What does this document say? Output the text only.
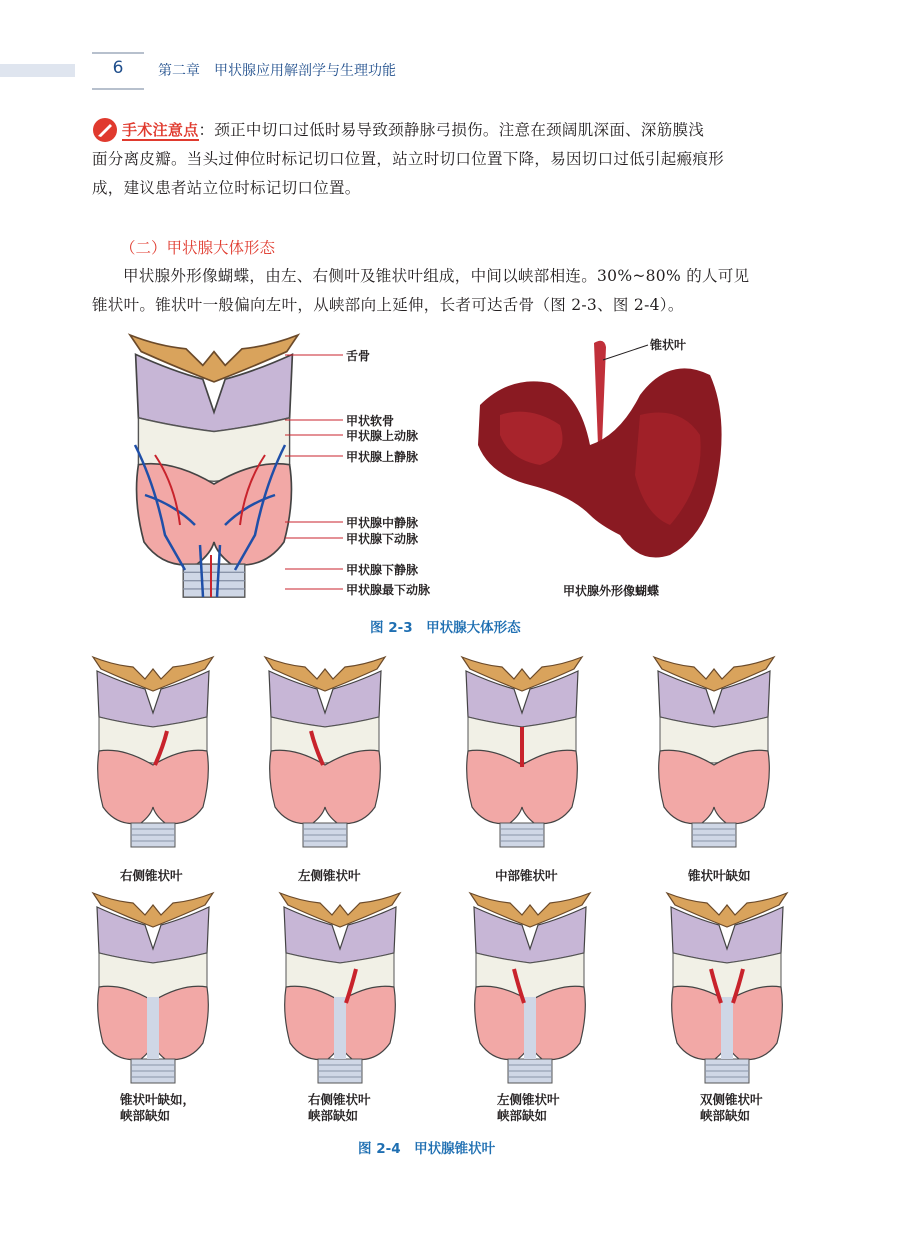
6	第二章　甲状腺应用解剖学与生理功能
手术注意点：颈正中切口过低时易导致颈静脉弓损伤。注意在颈阔肌深面、深筋膜浅
面分离皮瓣。当头过伸位时标记切口位置，站立时切口位置下降，易因切口过低引起瘢痕形
成，建议患者站立位时标记切口位置。
（二）甲状腺大体形态
甲状腺外形像蝴蝶，由左、右侧叶及锥状叶组成，中间以峡部相连。30%~80% 的人可见
锥状叶。锥状叶一般偏向左叶，从峡部向上延伸，长者可达舌骨（图 2-3、图 2-4）。
舌骨
甲状软骨
甲状腺上动脉
甲状腺上静脉
甲状腺中静脉
甲状腺下动脉
甲状腺下静脉
甲状腺最下动脉
锥状叶
甲状腺外形像蝴蝶
图 2-3　甲状腺大体形态
右侧锥状叶	左侧锥状叶	中部锥状叶	锥状叶缺如
锥状叶缺如，
峡部缺如
右侧锥状叶
峡部缺如
左侧锥状叶
峡部缺如
双侧锥状叶
峡部缺如
图 2-4　甲状腺锥状叶
